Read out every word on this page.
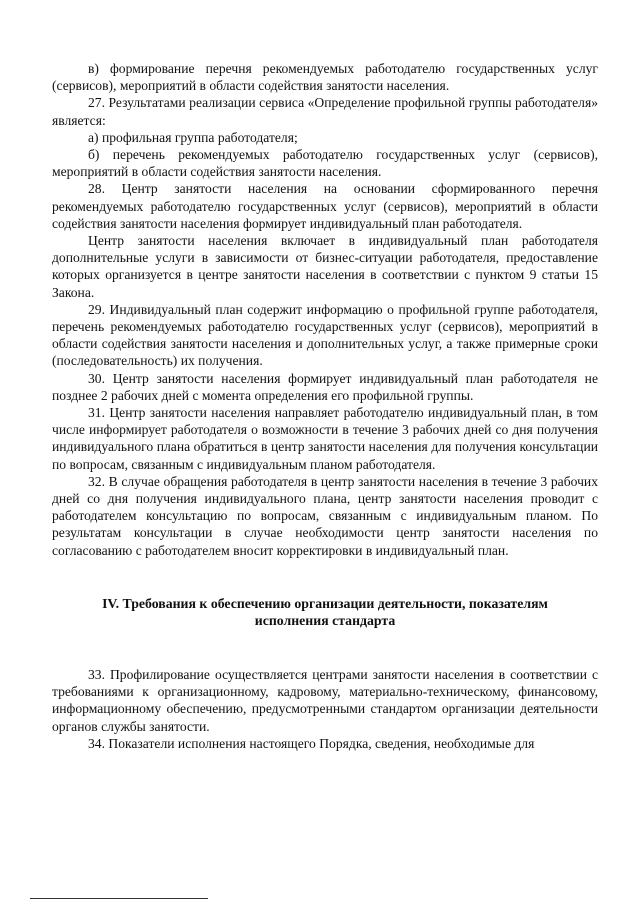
в) формирование перечня рекомендуемых работодателю государственных услуг (сервисов), мероприятий в области содействия занятости населения.

27. Результатами реализации сервиса «Определение профильной группы работодателя» является:

а) профильная группа работодателя;

б) перечень рекомендуемых работодателю государственных услуг (сервисов), мероприятий в области содействия занятости населения.

28. Центр занятости населения на основании сформированного перечня рекомендуемых работодателю государственных услуг (сервисов), мероприятий в области содействия занятости населения формирует индивидуальный план работодателя.

Центр занятости населения включает в индивидуальный план работодателя дополнительные услуги в зависимости от бизнес-ситуации работодателя, предоставление которых организуется в центре занятости населения в соответствии с пунктом 9 статьи 15 Закона.

29. Индивидуальный план содержит информацию о профильной группе работодателя, перечень рекомендуемых работодателю государственных услуг (сервисов), мероприятий в области содействия занятости населения и дополнительных услуг, а также примерные сроки (последовательность) их получения.

30. Центр занятости населения формирует индивидуальный план работодателя не позднее 2 рабочих дней с момента определения его профильной группы.

31. Центр занятости населения направляет работодателю индивидуальный план, в том числе информирует работодателя о возможности в течение 3 рабочих дней со дня получения индивидуального плана обратиться в центр занятости населения для получения консультации по вопросам, связанным с индивидуальным планом работодателя.

32. В случае обращения работодателя в центр занятости населения в течение 3 рабочих дней со дня получения индивидуального плана, центр занятости населения проводит с работодателем консультацию по вопросам, связанным с индивидуальным планом. По результатам консультации в случае необходимости центр занятости населения по согласованию с работодателем вносит корректировки в индивидуальный план.

IV. Требования к обеспечению организации деятельности, показателям исполнения стандарта

33. Профилирование осуществляется центрами занятости населения в соответствии с требованиями к организационному, кадровому, материально-техническому, финансовому, информационному обеспечению, предусмотренными стандартом организации деятельности органов службы занятости.

34. Показатели исполнения настоящего Порядка, сведения, необходимые для
